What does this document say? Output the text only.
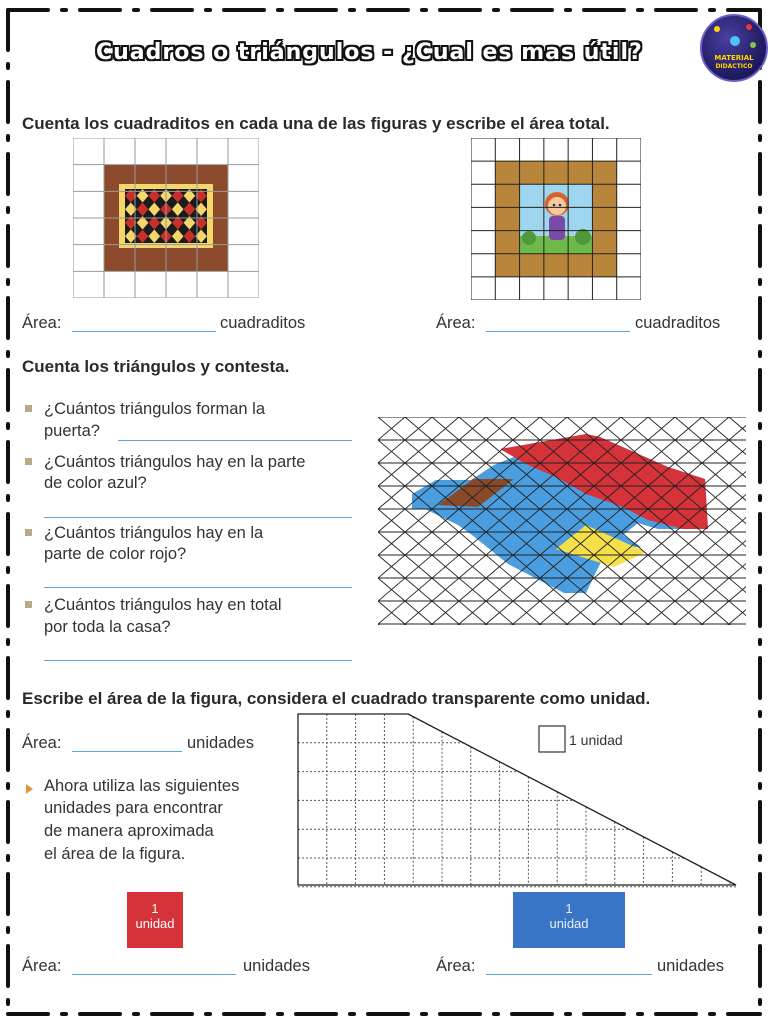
Cuadros o triángulos - ¿Cual es mas útil?	MATERIAL
DIDACTICO
Cuenta los cuadraditos en cada una de las figuras y escribe el área total.
Área:	cuadraditos	Área:	cuadraditos
Cuenta los triángulos y contesta.
¿Cuántos triángulos forman la
puerta?
¿Cuántos triángulos hay en la parte
de color azul?
¿Cuántos triángulos hay en la
parte de color rojo?
¿Cuántos triángulos hay en total
por toda la casa?
Escribe el área de la figura, considera el cuadrado transparente como unidad.
Área:	unidades
Ahora utiliza las siguientes
unidades para encontrar
de manera aproximada
el área de la figura.
1 unidad
1
unidad
1
unidad
Área:	unidades	Área:	unidades
